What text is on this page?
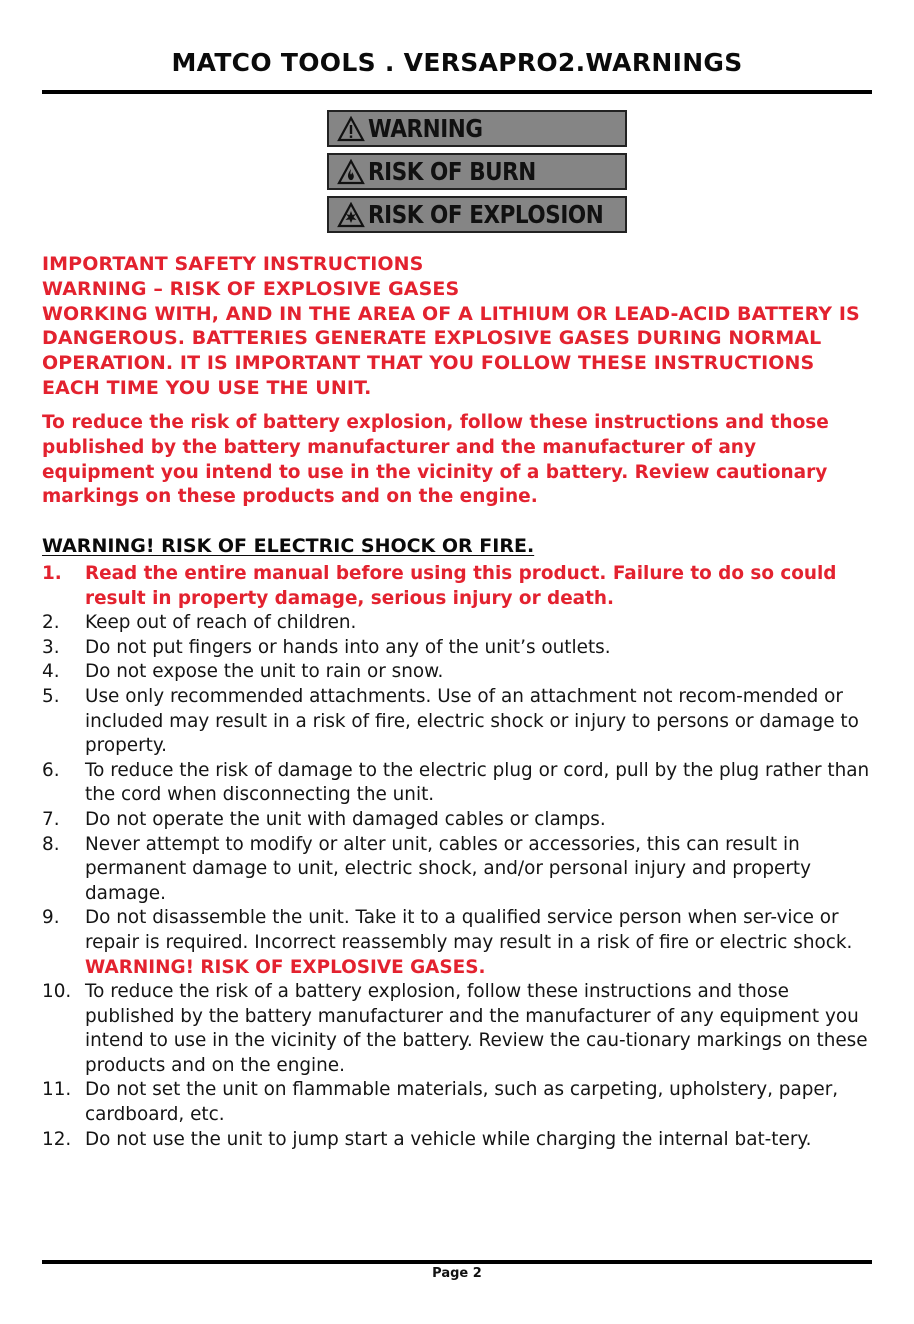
MATCO TOOLS . VERSAPRO2.WARNINGS
WARNING
RISK OF BURN
RISK OF EXPLOSION
IMPORTANT SAFETY INSTRUCTIONS
WARNING – RISK OF EXPLOSIVE GASES
WORKING WITH, AND IN THE AREA OF A LITHIUM OR LEAD-ACID BATTERY IS DANGEROUS. BATTERIES GENERATE EXPLOSIVE GASES DURING NORMAL OPERATION. IT IS IMPORTANT THAT YOU FOLLOW THESE INSTRUCTIONS EACH TIME YOU USE THE UNIT.
To reduce the risk of battery explosion, follow these instructions and those published by the battery manufacturer and the manufacturer of any equipment you intend to use in the vicinity of a battery. Review cautionary markings on these products and on the engine.
WARNING! RISK OF ELECTRIC SHOCK OR FIRE.
1. Read the entire manual before using this product. Failure to do so could result in property damage, serious injury or death.
2. Keep out of reach of children.
3. Do not put fingers or hands into any of the unit’s outlets.
4. Do not expose the unit to rain or snow.
5. Use only recommended attachments. Use of an attachment not recom-mended or included may result in a risk of fire, electric shock or injury to persons or damage to property.
6. To reduce the risk of damage to the electric plug or cord, pull by the plug rather than the cord when disconnecting the unit.
7. Do not operate the unit with damaged cables or clamps.
8. Never attempt to modify or alter unit, cables or accessories, this can result in permanent damage to unit, electric shock, and/or personal injury and property damage.
9. Do not disassemble the unit. Take it to a qualified service person when ser-vice or repair is required. Incorrect reassembly may result in a risk of fire or electric shock. WARNING! RISK OF EXPLOSIVE GASES.
10. To reduce the risk of a battery explosion, follow these instructions and those published by the battery manufacturer and the manufacturer of any equipment you intend to use in the vicinity of the battery. Review the cau-tionary markings on these products and on the engine.
11. Do not set the unit on flammable materials, such as carpeting, upholstery, paper, cardboard, etc.
12. Do not use the unit to jump start a vehicle while charging the internal bat-tery.
Page 2
